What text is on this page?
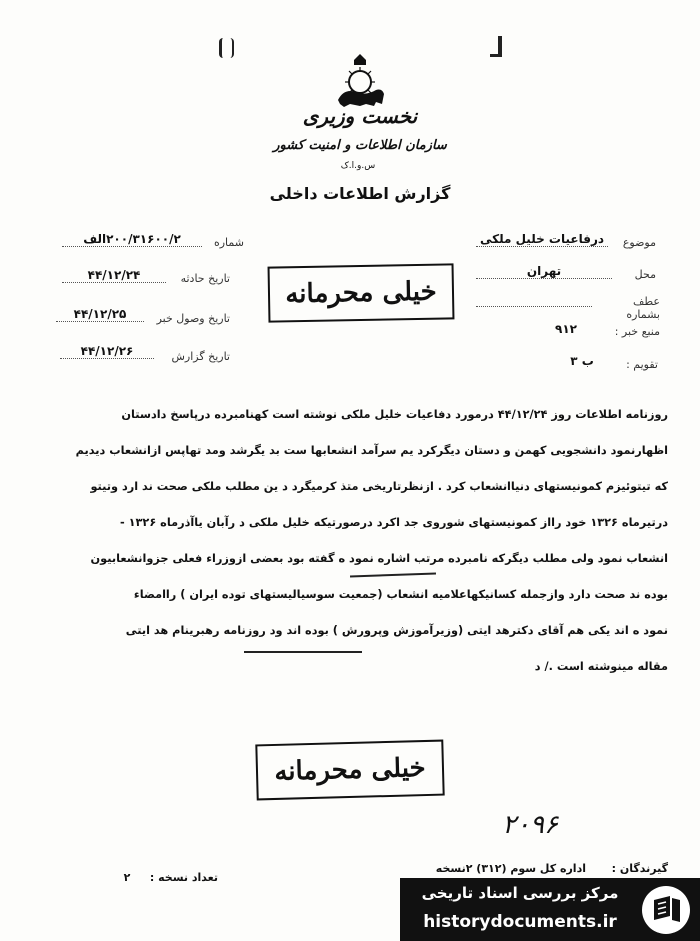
نخست وزیری
سازمان اطلاعات و امنیت کشور
س.و.ا.ک
گزارش اطلاعات داخلی
شماره
۲۰۰/۳۱۶۰۰/۲الف
تاریخ حادثه
۴۴/۱۲/۲۴
تاریخ وصول خبر
۴۴/۱۲/۲۵
تاریخ گزارش
۴۴/۱۲/۲۶
موضوع
درفاعیات خلیل ملکی
محل
تهران
عطف بشماره
منبع خبر :
۹۱۲
تقویم :
ب ۳
خیلی محرمانه
روزنامه اطلاعات روز ۴۴/۱۲/۲۴ درمورد دفاعیات خلیل ملکی نوشته است کهنامبرده درپاسخ دادستان
اظهارنمود دانشجویی کهمن و دستان دیگرکرد یم سرآمد انشعابها ست بد یگرشد ومد تهاپس ازانشعاب دیدیم
که تیتوئیزم کمونیستهای دنیاانشعاب کرد . ازنظرتاریخی متذ کرمیگرد د ین مطلب ملکی صحت ند ارد وتیتو
درتیرماه ۱۳۲۶ خود رااز کمونیستهای شوروی جد اکرد درصورتیکه خلیل ملکی د رآبان یاآذرماه ۱۳۲۶ -
انشعاب نمود ولی مطلب دیگرکه نامبرده مرتب اشاره نمود ه گفته بود بعضی ازوزراء فعلی جزوانشعابیون
بوده ند صحت دارد وازجمله کسانیکهاعلامیه انشعاب (جمعیت سوسیالیستهای توده ایران ) راامضاء
نمود ه اند یکی هم آقای دکترهد ایتی (وزیرآموزش وپرورش ) بوده اند ود روزنامه رهبرینام هد ایتی
مقاله مینوشته است ./ د
خیلی محرمانه
۲۰۹۶
گیرندگان :
اداره کل سوم (۳۱۲) ۲نسخه
تعداد نسخه :
۲
مرکز بررسی اسناد تاریخی
historydocuments.ir
